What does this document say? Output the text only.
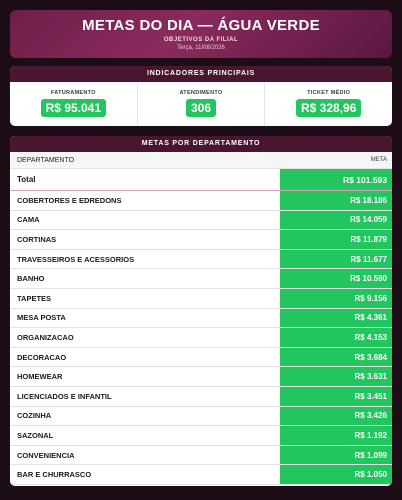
METAS DO DIA — ÁGUA VERDE
OBJETIVOS DA FILIAL
Terça, 11/08/2026
INDICADORES PRINCIPAIS
FATURAMENTO
R$ 95.041
ATENDIMENTO
306
TICKET MÉDIO
R$ 328,96
METAS POR DEPARTAMENTO
DEPARTAMENTO	META
Total	R$ 101.593
COBERTORES E EDREDONS	R$ 18.186
CAMA	R$ 14.059
CORTINAS	R$ 11.879
TRAVESSEIROS E ACESSORIOS	R$ 11.677
BANHO	R$ 10.590
TAPETES	R$ 9.156
MESA POSTA	R$ 4.361
ORGANIZACAO	R$ 4.153
DECORACAO	R$ 3.684
HOMEWEAR	R$ 3.631
LICENCIADOS E INFANTIL	R$ 3.451
COZINHA	R$ 3.426
SAZONAL	R$ 1.192
CONVENIENCIA	R$ 1.099
BAR E CHURRASCO	R$ 1.050
